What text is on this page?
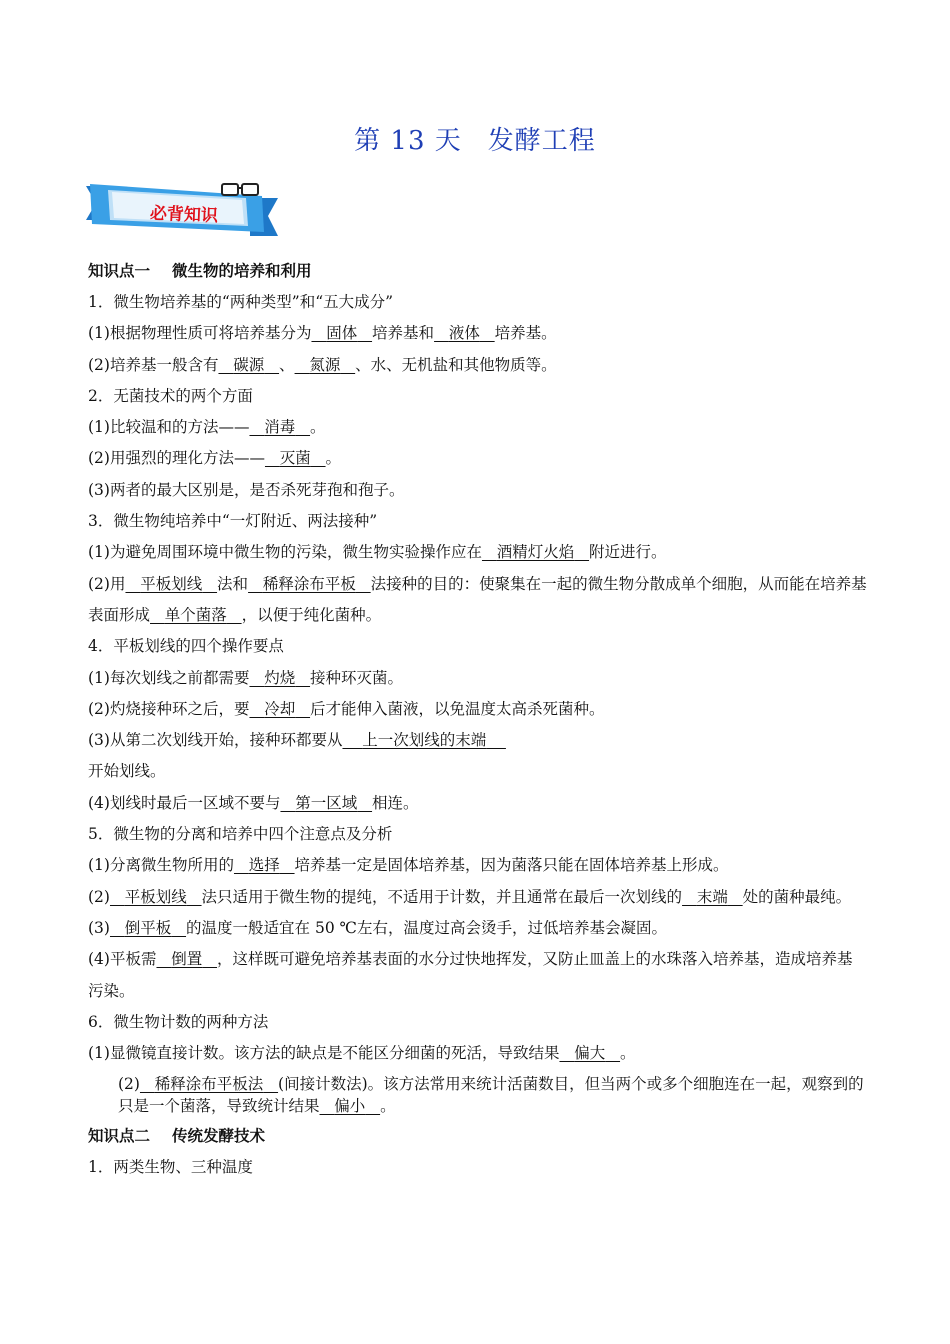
第 13 天 发酵工程
必背知识
知识点一 微生物的培养和利用
1．微生物培养基的“两种类型”和“五大成分”
(1)根据物理性质可将培养基分为 固体 培养基和 液体 培养基。
(2)培养基一般含有 碳源 、 氮源 、水、无机盐和其他物质等。
2．无菌技术的两个方面
(1)比较温和的方法—— 消毒 。
(2)用强烈的理化方法—— 灭菌 。
(3)两者的最大区别是，是否杀死芽孢和孢子。
3．微生物纯培养中“一灯附近、两法接种”
(1)为避免周围环境中微生物的污染，微生物实验操作应在 酒精灯火焰 附近进行。
(2)用 平板划线 法和 稀释涂布平板 法接种的目的：使聚集在一起的微生物分散成单个细胞，从而能在培养基表面形成 单个菌落 ，以便于纯化菌种。
4．平板划线的四个操作要点
(1)每次划线之前都需要 灼烧 接种环灭菌。
(2)灼烧接种环之后，要 冷却 后才能伸入菌液，以免温度太高杀死菌种。
(3)从第二次划线开始，接种环都要从 上一次划线的末端
开始划线。
(4)划线时最后一区域不要与 第一区域 相连。
5．微生物的分离和培养中四个注意点及分析
(1)分离微生物所用的 选择 培养基一定是固体培养基，因为菌落只能在固体培养基上形成。
(2) 平板划线 法只适用于微生物的提纯，不适用于计数，并且通常在最后一次划线的 末端 处的菌种最纯。
(3) 倒平板 的温度一般适宜在 50 ℃左右，温度过高会烫手，过低培养基会凝固。
(4)平板需 倒置 ，这样既可避免培养基表面的水分过快地挥发，又防止皿盖上的水珠落入培养基，造成培养基污染。
6．微生物计数的两种方法
(1)显微镜直接计数。该方法的缺点是不能区分细菌的死活，导致结果 偏大 。
(2) 稀释涂布平板法 (间接计数法)。该方法常用来统计活菌数目，但当两个或多个细胞连在一起，观察到的只是一个菌落，导致统计结果 偏小 。
知识点二 传统发酵技术
1．两类生物、三种温度
